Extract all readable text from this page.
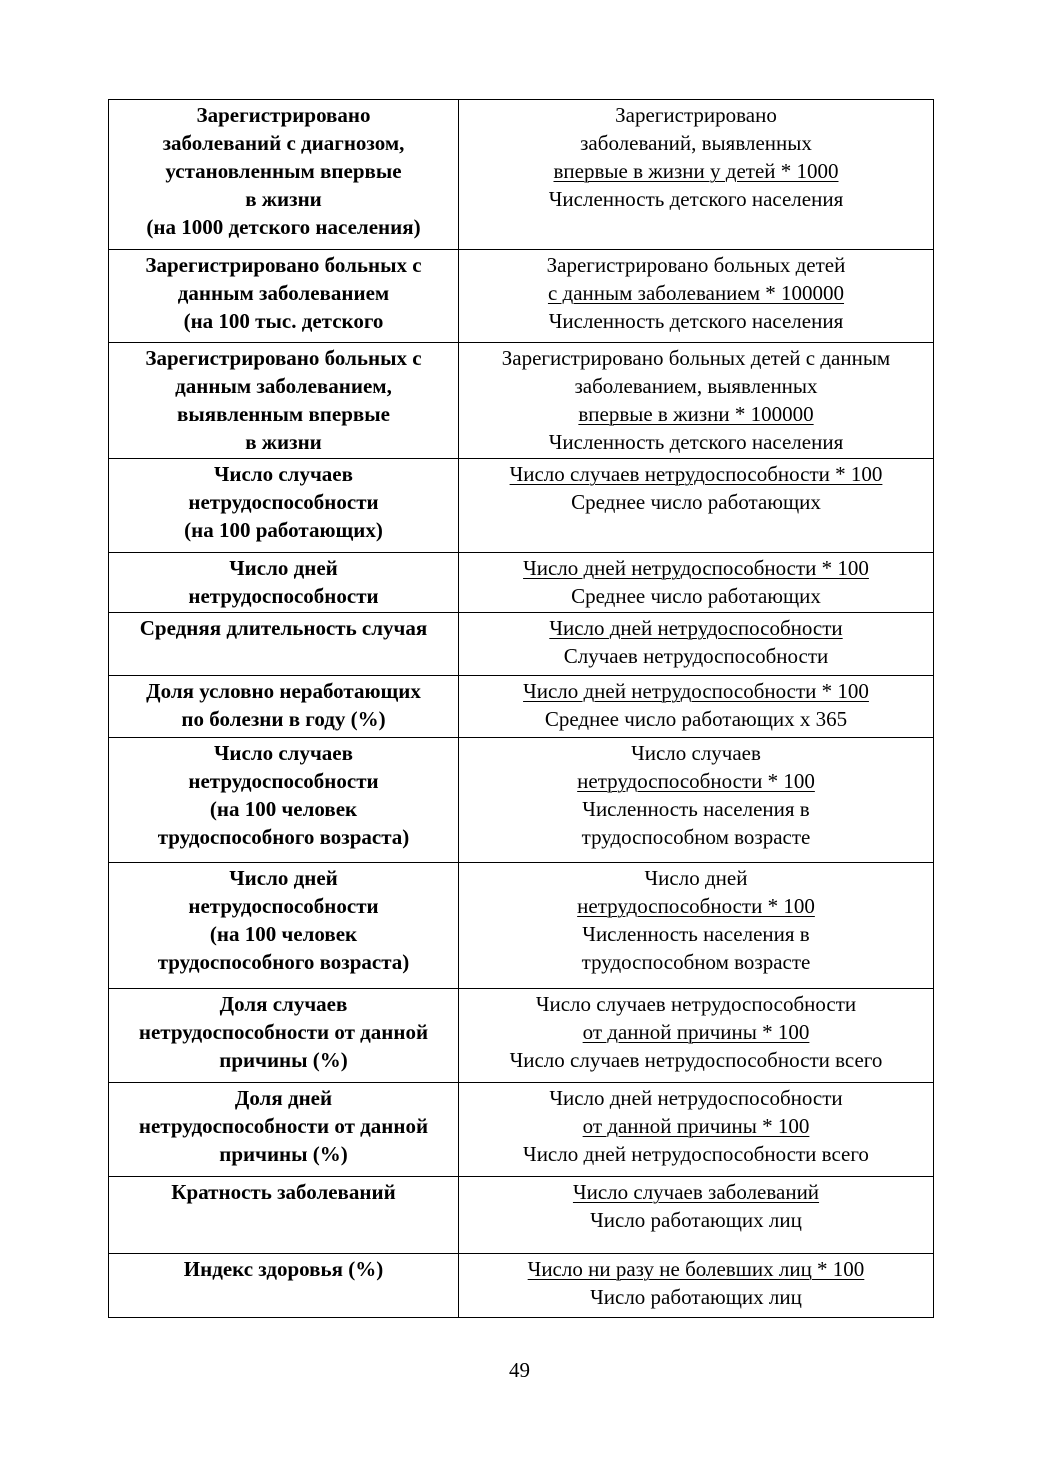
Зарегистрировано
заболеваний с диагнозом,
установленным впервые
в жизни
(на 1000 детского населения)	Зарегистрировано
заболеваний, выявленных
впервые в жизни у детей * 1000
Численность детского населения

Зарегистрировано больных с
данным заболеванием
(на 100 тыс. детского	Зарегистрировано больных детей
с данным заболеванием * 100000
Численность детского населения

Зарегистрировано больных с
данным заболеванием,
выявленным впервые
в жизни	Зарегистрировано больных детей с данным
заболеванием, выявленных
впервые в жизни * 100000
Численность детского населения

Число случаев
нетрудоспособности
(на 100 работающих)	Число случаев нетрудоспособности * 100
Среднее число работающих

Число дней
нетрудоспособности	Число дней нетрудоспособности * 100
Среднее число работающих

Средняя длительность случая	Число дней нетрудоспособности
Случаев нетрудоспособности

Доля условно неработающих
по болезни в году (%)	Число дней нетрудоспособности * 100
Среднее число работающих х 365

Число случаев
нетрудоспособности
(на 100 человек
трудоспособного возраста)	Число случаев
нетрудоспособности * 100
Численность населения в
трудоспособном возрасте

Число дней
нетрудоспособности
(на 100 человек
трудоспособного возраста)	Число дней
нетрудоспособности * 100
Численность населения в
трудоспособном возрасте

Доля случаев
нетрудоспособности от данной
причины (%)	Число случаев нетрудоспособности
от данной причины * 100
Число случаев нетрудоспособности всего

Доля дней
нетрудоспособности от данной
причины (%)	Число дней нетрудоспособности
от данной причины * 100
Число дней нетрудоспособности всего

Кратность заболеваний	Число случаев заболеваний
Число работающих лиц

Индекс здоровья (%)	Число ни разу не болевших лиц * 100
Число работающих лиц
49
